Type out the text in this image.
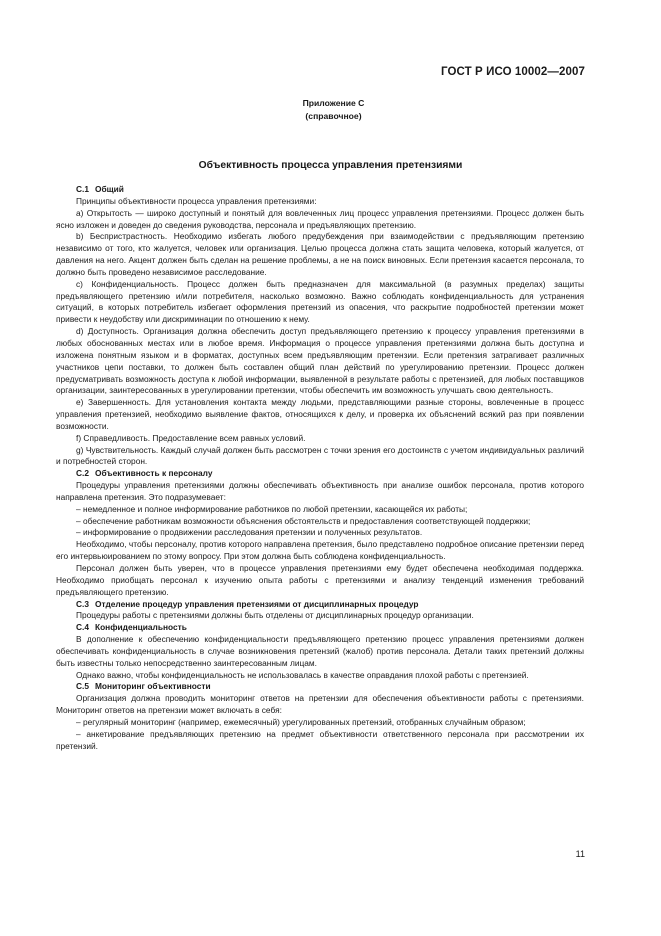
ГОСТ Р ИСО 10002—2007
Приложение C
(справочное)
Объективность процесса управления претензиями
C.1 Общий

Принципы объективности процесса управления претензиями:

a) Открытость — широко доступный и понятый для вовлеченных лиц процесс управления претензиями. Процесс должен быть ясно изложен и доведен до сведения руководства, персонала и предъявляющих претензию.

b) Беспристрастность. Необходимо избегать любого предубеждения при взаимодействии с предъявляющим претензию независимо от того, кто жалуется, человек или организация. Целью процесса должна стать защита человека, который жалуется, от давления на него. Акцент должен быть сделан на решение проблемы, а не на поиск виновных. Если претензия касается персонала, то должно быть проведено независимое расследование.

c) Конфиденциальность. Процесс должен быть предназначен для максимальной (в разумных пределах) защиты предъявляющего претензию и/или потребителя, насколько возможно. Важно соблюдать конфиденциальность для устранения ситуаций, в которых потребитель избегает оформления претензий из опасения, что раскрытие подробностей претензии может привести к неудобству или дискриминации по отношению к нему.

d) Доступность. Организация должна обеспечить доступ предъявляющего претензию к процессу управления претензиями в любых обоснованных местах или в любое время. Информация о процессе управления претензиями должна быть доступна и изложена понятным языком и в форматах, доступных всем предъявляющим претензии. Если претензия затрагивает различных участников цепи поставки, то должен быть составлен общий план действий по урегулированию претензии. Процесс должен предусматривать возможность доступа к любой информации, выявленной в результате работы с претензией, для любых поставщиков организации, заинтересованных в урегулировании претензии, чтобы обеспечить им возможность улучшать свою деятельность.

e) Завершенность. Для установления контакта между людьми, представляющими разные стороны, вовлеченные в процесс управления претензией, необходимо выявление фактов, относящихся к делу, и проверка их объяснений всякий раз при появлении возможности.

f) Справедливость. Предоставление всем равных условий.

g) Чувствительность. Каждый случай должен быть рассмотрен с точки зрения его достоинств с учетом индивидуальных различий и потребностей сторон.

C.2 Объективность к персоналу

Процедуры управления претензиями должны обеспечивать объективность при анализе ошибок персонала, против которого направлена претензия. Это подразумевает:

– немедленное и полное информирование работников по любой претензии, касающейся их работы;

– обеспечение работникам возможности объяснения обстоятельств и предоставления соответствующей поддержки;

– информирование о продвижении расследования претензии и полученных результатов.

Необходимо, чтобы персоналу, против которого направлена претензия, было представлено подробное описание претензии перед его интервьюированием по этому вопросу. При этом должна быть соблюдена конфиденциальность.

Персонал должен быть уверен, что в процессе управления претензиями ему будет обеспечена необходимая поддержка. Необходимо приобщать персонал к изучению опыта работы с претензиями и анализу тенденций изменения требований предъявляющего претензию.

C.3 Отделение процедур управления претензиями от дисциплинарных процедур

Процедуры работы с претензиями должны быть отделены от дисциплинарных процедур организации.

C.4 Конфиденциальность

В дополнение к обеспечению конфиденциальности предъявляющего претензию процесс управления претензиями должен обеспечивать конфиденциальность в случае возникновения претензий (жалоб) против персонала. Детали таких претензий должны быть известны только непосредственно заинтересованным лицам.

Однако важно, чтобы конфиденциальность не использовалась в качестве оправдания плохой работы с претензией.

C.5 Мониторинг объективности

Организация должна проводить мониторинг ответов на претензии для обеспечения объективности работы с претензиями. Мониторинг ответов на претензии может включать в себя:

– регулярный мониторинг (например, ежемесячный) урегулированных претензий, отобранных случайным образом;

– анкетирование предъявляющих претензию на предмет объективности ответственного персонала при рассмотрении их претензий.

11
